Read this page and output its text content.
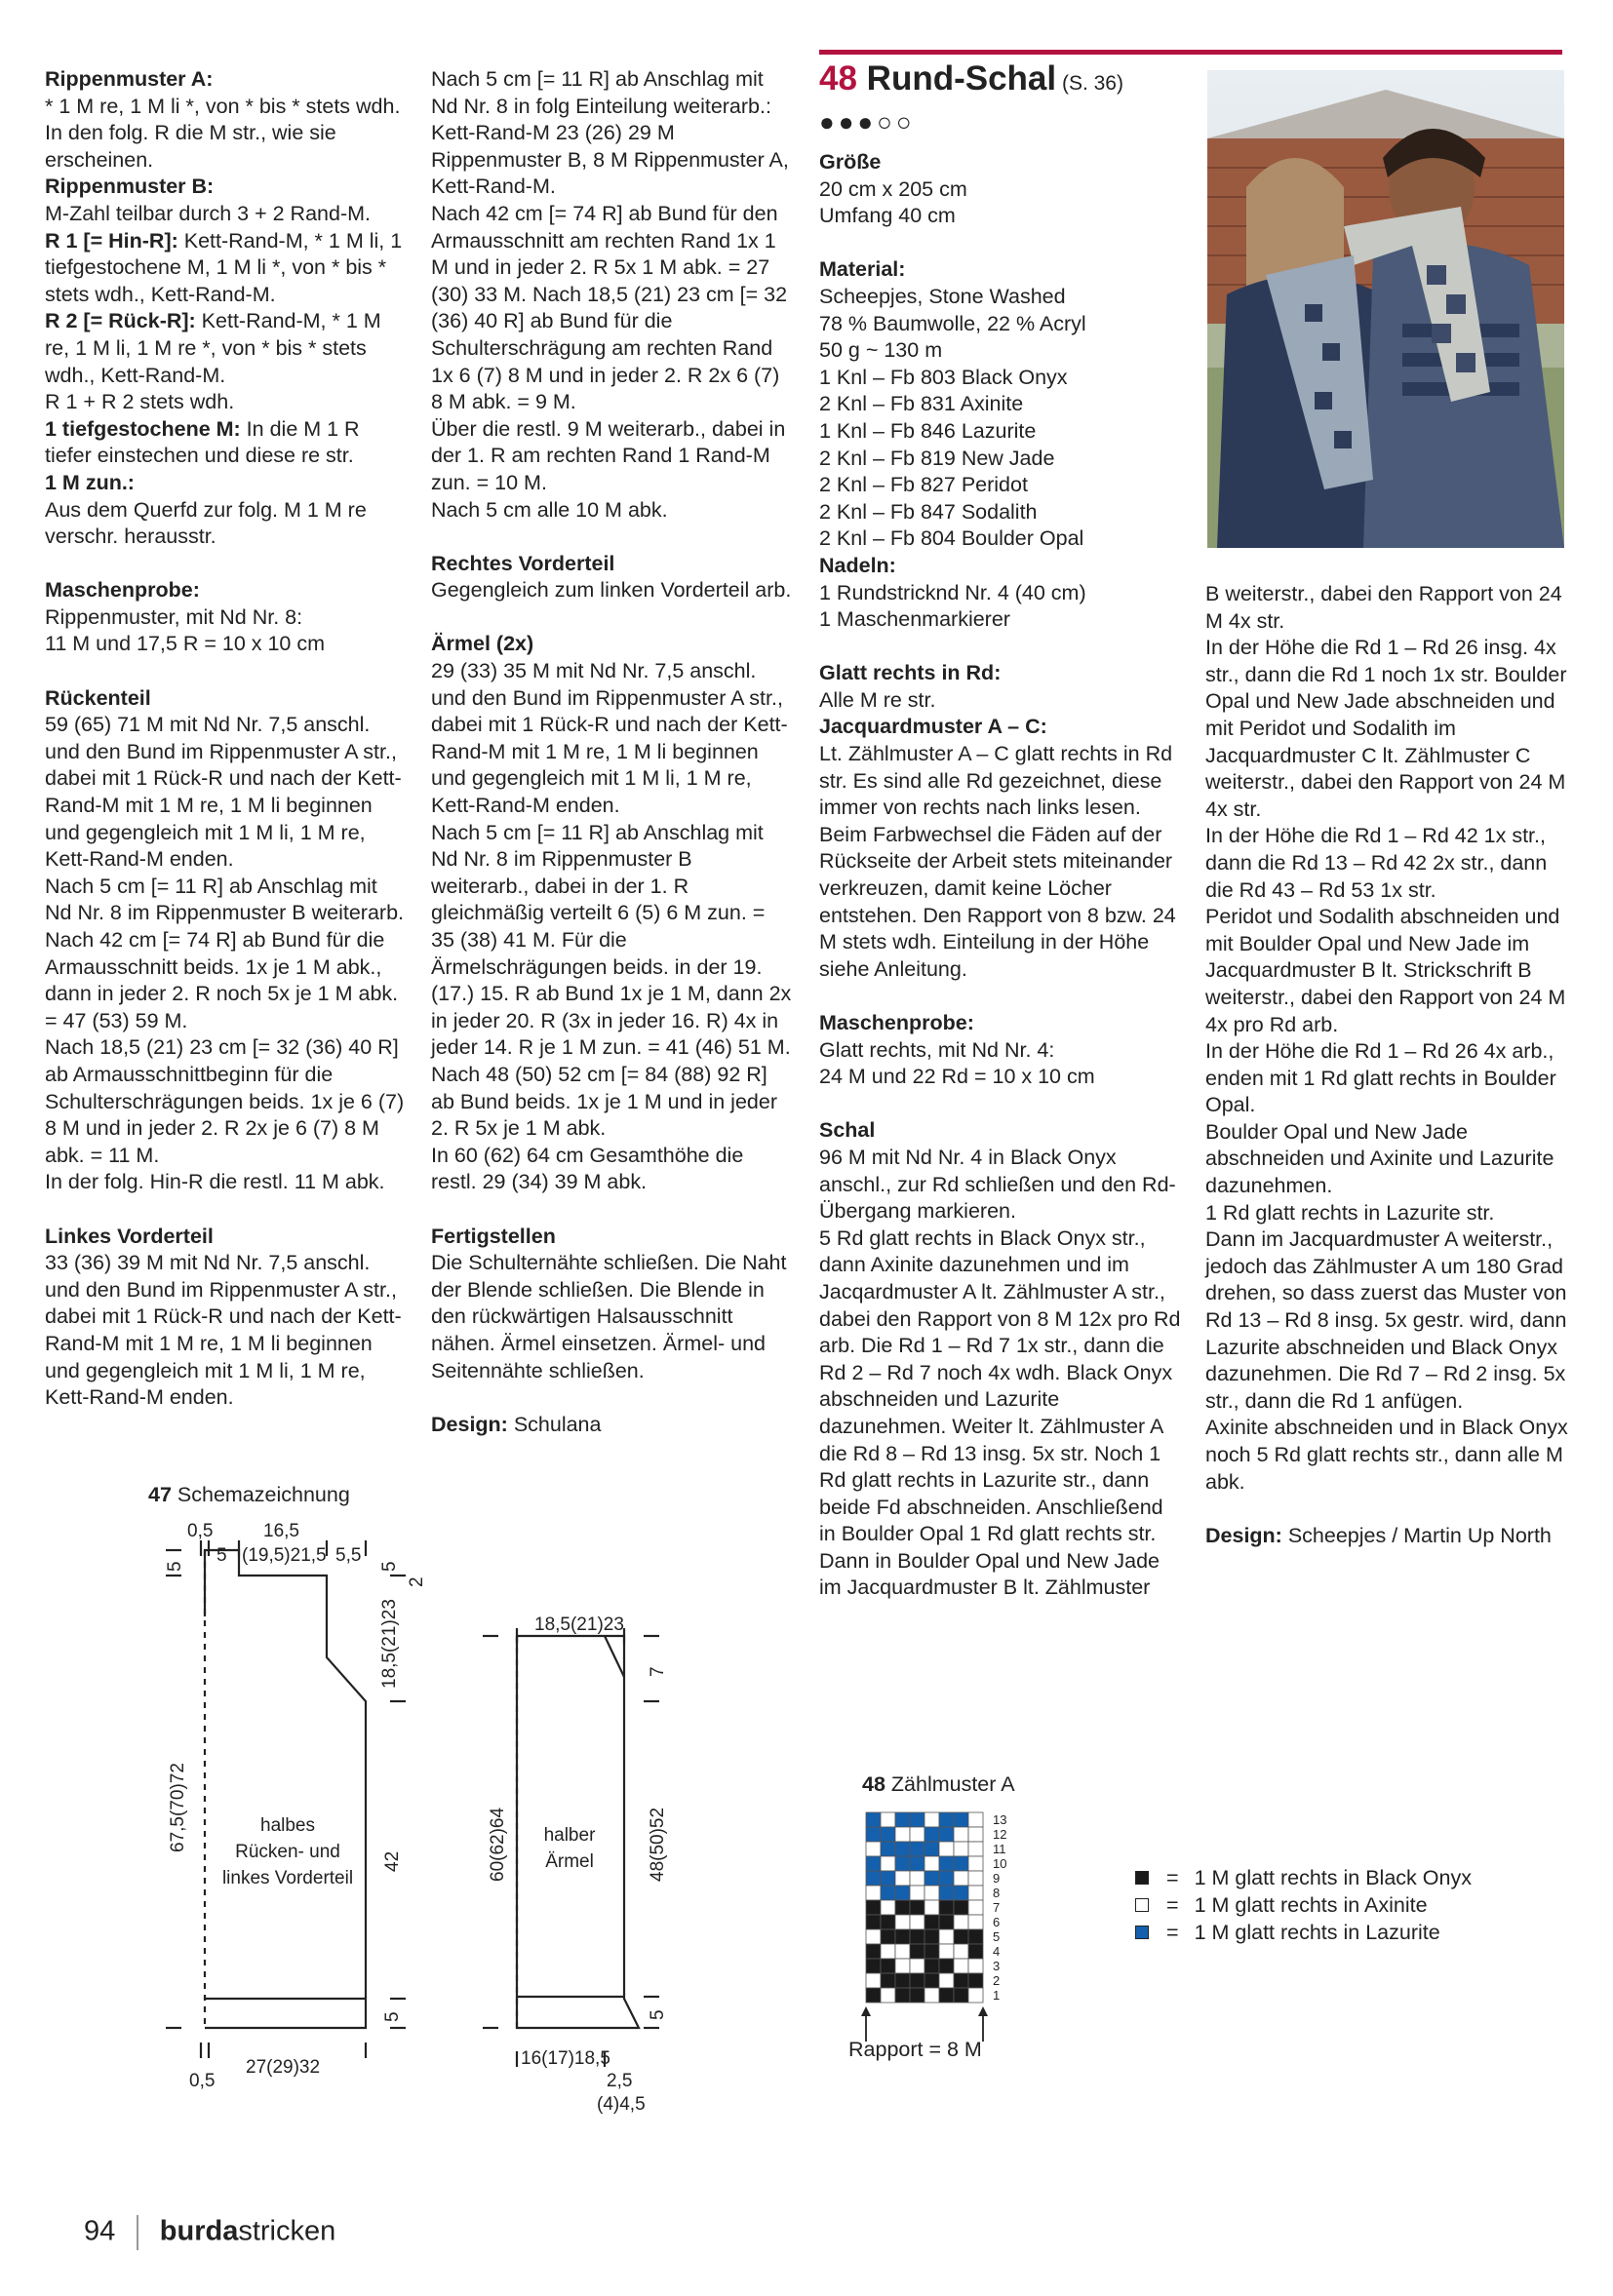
Rippenmuster A:

* 1 M re, 1 M li *, von * bis * stets wdh. In den folg. R die M str., wie sie erscheinen.

Rippenmuster B:

M-Zahl teilbar durch 3 + 2 Rand-M.

R 1 [= Hin-R]: Kett-Rand-M, * 1 M li, 1 tiefgestochene M, 1 M li *, von * bis * stets wdh., Kett-Rand-M.

R 2 [= Rück-R]: Kett-Rand-M, * 1 M re, 1 M li, 1 M re *, von * bis * stets wdh., Kett-Rand-M.

R 1 + R 2 stets wdh.

1 tiefgestochene M: In die M 1 R tiefer einstechen und diese re str.

1 M zun.:

Aus dem Querfd zur folg. M 1 M re verschr. herausstr.

Maschenprobe:

Rippenmuster, mit Nd Nr. 8:

11 M und 17,5 R = 10 x 10 cm

Rückenteil

59 (65) 71 M mit Nd Nr. 7,5 anschl. und den Bund im Rippenmuster A str., dabei mit 1 Rück-R und nach der Kett-Rand-M mit 1 M re, 1 M li beginnen und gegengleich mit 1 M li, 1 M re, Kett-Rand-M enden.

Nach 5 cm [= 11 R] ab Anschlag mit Nd Nr. 8 im Rippenmuster B weiterarb.

Nach 42 cm [= 74 R] ab Bund für die Armausschnitt beids. 1x je 1 M abk., dann in jeder 2. R noch 5x je 1 M abk. = 47 (53) 59 M.

Nach 18,5 (21) 23 cm [= 32 (36) 40 R] ab Armausschnittbeginn für die Schulterschrägungen beids. 1x je 6 (7) 8 M und in jeder 2. R 2x je 6 (7) 8 M abk. = 11 M.

In der folg. Hin-R die restl. 11 M abk.

Linkes Vorderteil

33 (36) 39 M mit Nd Nr. 7,5 anschl. und den Bund im Rippenmuster A str., dabei mit 1 Rück-R und nach der Kett-Rand-M mit 1 M re, 1 M li beginnen und gegengleich mit 1 M li, 1 M re, Kett-Rand-M enden.

Nach 5 cm [= 11 R] ab Anschlag mit Nd Nr. 8 in folg Einteilung weiterarb.: Kett-Rand-M 23 (26) 29 M Rippenmuster B, 8 M Rippenmuster A, Kett-Rand-M.

Nach 42 cm [= 74 R] ab Bund für den Armausschnitt am rechten Rand 1x 1 M und in jeder 2. R 5x 1 M abk. = 27 (30) 33 M. Nach 18,5 (21) 23 cm [= 32 (36) 40 R] ab Bund für die Schulterschrägung am rechten Rand 1x 6 (7) 8 M und in jeder 2. R 2x 6 (7) 8 M abk. = 9 M.

Über die restl. 9 M weiterarb., dabei in der 1. R am rechten Rand 1 Rand-M zun. = 10 M.

Nach 5 cm alle 10 M abk.

Rechtes Vorderteil

Gegengleich zum linken Vorderteil arb.

Ärmel (2x)

29 (33) 35 M mit Nd Nr. 7,5 anschl. und den Bund im Rippenmuster A str., dabei mit 1 Rück-R und nach der Kett-Rand-M mit 1 M re, 1 M li beginnen und gegengleich mit 1 M li, 1 M re, Kett-Rand-M enden.

Nach 5 cm [= 11 R] ab Anschlag mit Nd Nr. 8 im Rippenmuster B weiterarb., dabei in der 1. R gleichmäßig verteilt 6 (5) 6 M zun. = 35 (38) 41 M. Für die Ärmelschrägungen beids. in der 19. (17.) 15. R ab Bund 1x je 1 M, dann 2x in jeder 20. R (3x in jeder 16. R) 4x in jeder 14. R je 1 M zun. = 41 (46) 51 M.

Nach 48 (50) 52 cm [= 84 (88) 92 R] ab Bund beids. 1x je 1 M und in jeder 2. R 5x je 1 M abk.

In 60 (62) 64 cm Gesamthöhe die restl. 29 (34) 39 M abk.

Fertigstellen

Die Schulternähte schließen. Die Naht der Blende schließen. Die Blende in den rückwärtigen Halsausschnitt nähen. Ärmel einsetzen. Ärmel- und Seitennähte schließen.

Design: Schulana

48 Rund-Schal (S. 36)
●●●○○

Größe

20 cm x 205 cm

Umfang 40 cm

Material:

Scheepjes, Stone Washed

78 % Baumwolle, 22 % Acryl

50 g ~ 130 m

1 Knl – Fb 803 Black Onyx

2 Knl – Fb 831 Axinite

1 Knl – Fb 846 Lazurite

2 Knl – Fb 819 New Jade

2 Knl – Fb 827 Peridot

2 Knl – Fb 847 Sodalith

2 Knl – Fb 804 Boulder Opal

Nadeln:

1 Rundstricknd Nr. 4 (40 cm)

1 Maschenmarkierer

Glatt rechts in Rd:

Alle M re str.

Jacquardmuster A – C:

Lt. Zählmuster A – C glatt rechts in Rd str. Es sind alle Rd gezeichnet, diese immer von rechts nach links lesen. Beim Farbwechsel die Fäden auf der Rückseite der Arbeit stets miteinander verkreuzen, damit keine Löcher entstehen. Den Rapport von 8 bzw. 24 M stets wdh. Einteilung in der Höhe siehe Anleitung.

Maschenprobe:

Glatt rechts, mit Nd Nr. 4:

24 M und 22 Rd = 10 x 10 cm

Schal

96 M mit Nd Nr. 4 in Black Onyx anschl., zur Rd schließen und den Rd-Übergang markieren.

5 Rd glatt rechts in Black Onyx str., dann Axinite dazunehmen und im Jacqardmuster A lt. Zählmuster A str., dabei den Rapport von 8 M 12x pro Rd arb. Die Rd 1 – Rd 7 1x str., dann die Rd 2 – Rd 7 noch 4x wdh. Black Onyx abschneiden und Lazurite dazunehmen. Weiter lt. Zählmuster A die Rd 8 – Rd 13 insg. 5x str. Noch 1 Rd glatt rechts in Lazurite str., dann beide Fd abschneiden. Anschließend in Boulder Opal 1 Rd glatt rechts str.

Dann in Boulder Opal und New Jade im Jacquardmuster B lt. Zählmuster

B weiterstr., dabei den Rapport von 24 M 4x str.

In der Höhe die Rd 1 – Rd 26 insg. 4x str., dann die Rd 1 noch 1x str. Boulder Opal und New Jade abschneiden und mit Peridot und Sodalith im Jacquardmuster C lt. Zählmuster C weiterstr., dabei den Rapport von 24 M 4x str.

In der Höhe die Rd 1 – Rd 42 1x str., dann die Rd 13 – Rd 42 2x str., dann die Rd 43 – Rd 53 1x str.

Peridot und Sodalith abschneiden und mit Boulder Opal und New Jade im Jacquardmuster B lt. Strickschrift B weiterstr., dabei den Rapport von 24 M 4x pro Rd arb.

In der Höhe die Rd 1 – Rd 26 4x arb., enden mit 1 Rd glatt rechts in Boulder Opal.

Boulder Opal und New Jade abschneiden und Axinite und Lazurite dazunehmen.

1 Rd glatt rechts in Lazurite str.

Dann im Jacquardmuster A weiterstr., jedoch das Zählmuster A um 180 Grad drehen, so dass zuerst das Muster von Rd 13 – Rd 8 insg. 5x gestr. wird, dann Lazurite abschneiden und Black Onyx dazunehmen. Die Rd 7 – Rd 2 insg. 5x str., dann die Rd 1 anfügen.

Axinite abschneiden und in Black Onyx noch 5 Rd glatt rechts str., dann alle M abk.

Design: Scheepjes / Martin Up North

47 Schemazeichnung
0,5	16,5
5 (19,5)21,5 5,5
5	5
2
18,5(21)23
67,5(70)72
42
5
0,5
27(29)32
halbes
Rücken- und
linkes Vorderteil
18,5(21)23
7
60(62)64	48(50)52
5
16(17)18,5
2,5
(4)4,5
halber
Ärmel
48 Zählmuster A
13
12
11
10
9
8
7
6
5
4
3
2
1
Rapport = 8 M
= 1 M glatt rechts in Black Onyx
= 1 M glatt rechts in Axinite
= 1 M glatt rechts in Lazurite
94 burdastricken
